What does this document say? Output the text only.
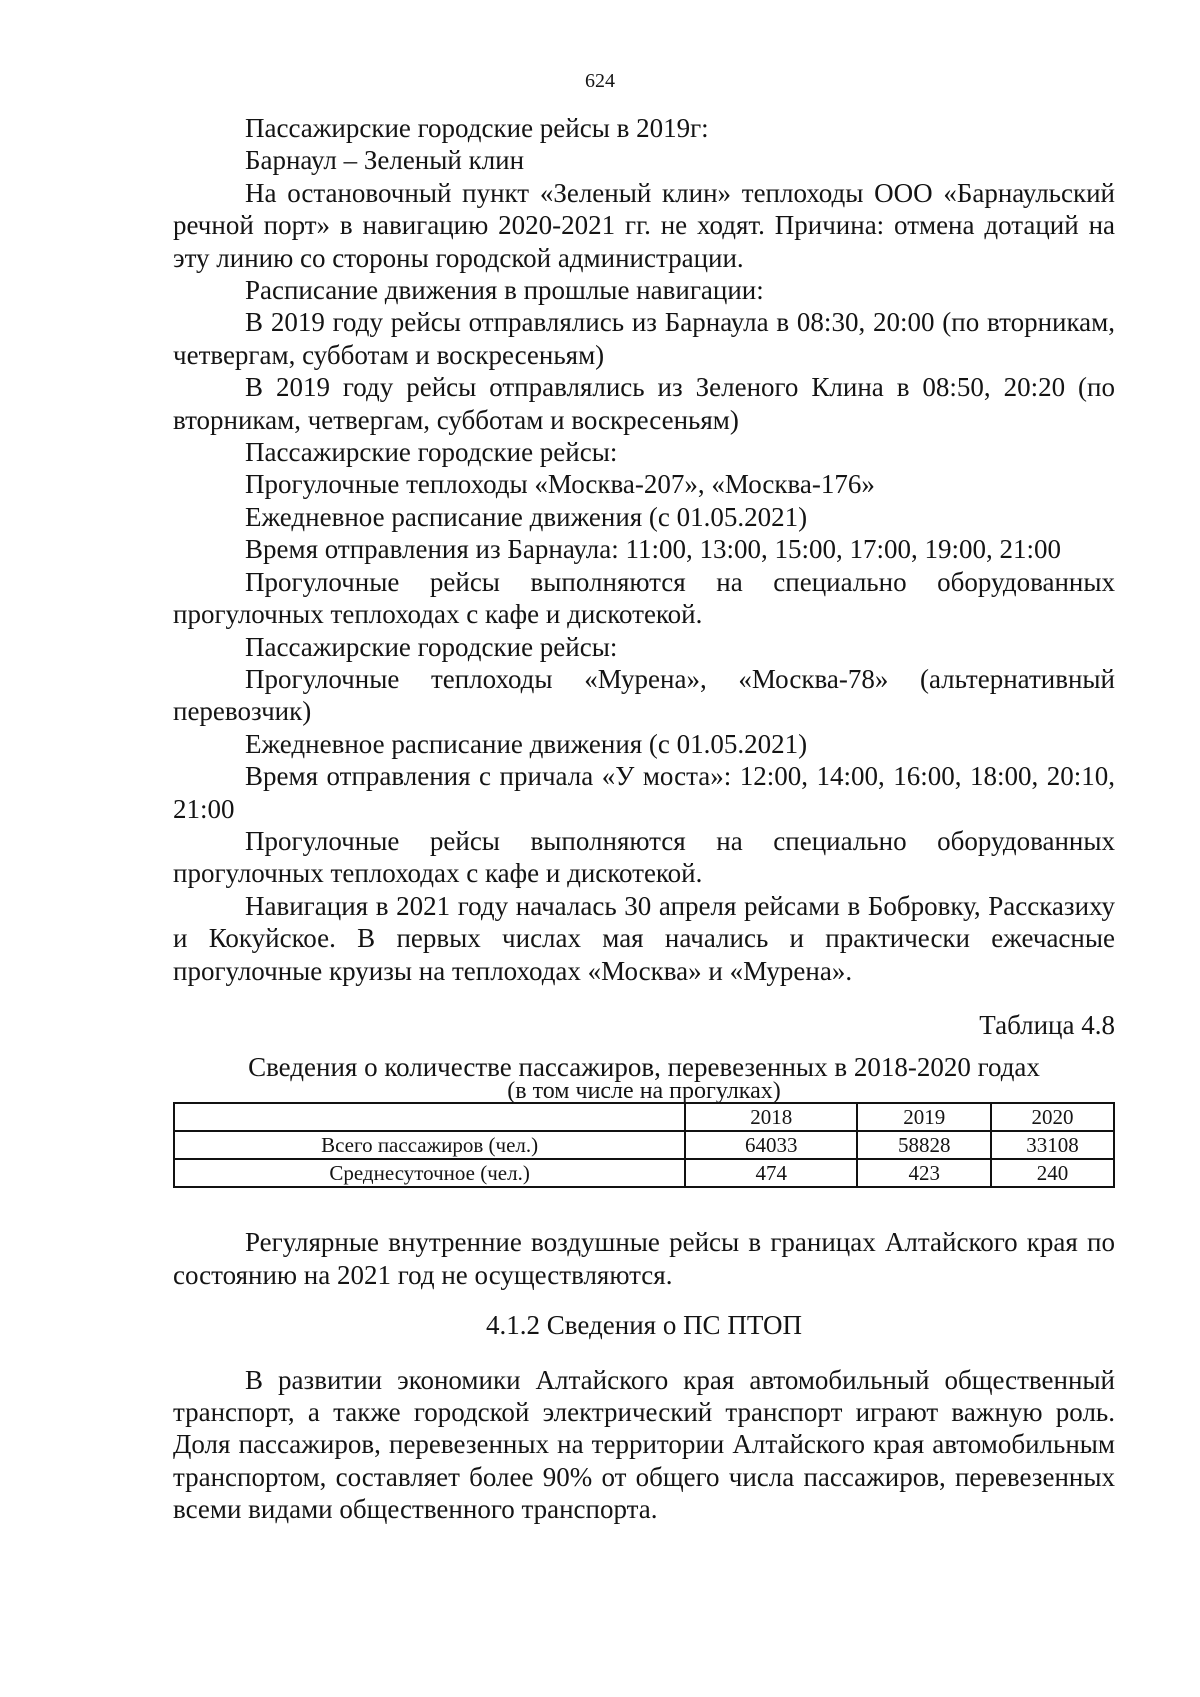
624

Пассажирские городские рейсы в 2019г:

Барнаул – Зеленый клин

На остановочный пункт «Зеленый клин» теплоходы ООО «Барнаульский речной порт» в навигацию 2020-2021 гг. не ходят. Причина: отмена дотаций на эту линию со стороны городской администрации.

Расписание движения в прошлые навигации:

В 2019 году рейсы отправлялись из Барнаула в 08:30, 20:00 (по вторникам, четвергам, субботам и воскресеньям)

В 2019 году рейсы отправлялись из Зеленого Клина в 08:50, 20:20 (по вторникам, четвергам, субботам и воскресеньям)

Пассажирские городские рейсы:

Прогулочные теплоходы «Москва-207», «Москва-176»

Ежедневное расписание движения (с 01.05.2021)

Время отправления из Барнаула: 11:00, 13:00, 15:00, 17:00, 19:00, 21:00

Прогулочные рейсы выполняются на специально оборудованных прогулочных теплоходах с кафе и дискотекой.

Пассажирские городские рейсы:

Прогулочные теплоходы «Мурена», «Москва-78» (альтернативный перевозчик)

Ежедневное расписание движения (с 01.05.2021)

Время отправления с причала «У моста»: 12:00, 14:00, 16:00, 18:00, 20:10, 21:00

Прогулочные рейсы выполняются на специально оборудованных прогулочных теплоходах с кафе и дискотекой.

Навигация в 2021 году началась 30 апреля рейсами в Бобровку, Рассказиху и Кокуйское. В первых числах мая начались и практически ежечасные прогулочные круизы на теплоходах «Москва» и «Мурена».

Таблица 4.8

Сведения о количестве пассажиров, перевезенных в 2018-2020 годах

(в том числе на прогулках)

	2018	2019	2020
Всего пассажиров (чел.)	64033	58828	33108
Среднесуточное (чел.)	474	423	240

Регулярные внутренние воздушные рейсы в границах Алтайского края по состоянию на 2021 год не осуществляются.

4.1.2 Сведения о ПС ПТОП

В развитии экономики Алтайского края автомобильный общественный транспорт, а также городской электрический транспорт играют важную роль. Доля пассажиров, перевезенных на территории Алтайского края автомобильным транспортом, составляет более 90% от общего числа пассажиров, перевезенных всеми видами общественного транспорта.
